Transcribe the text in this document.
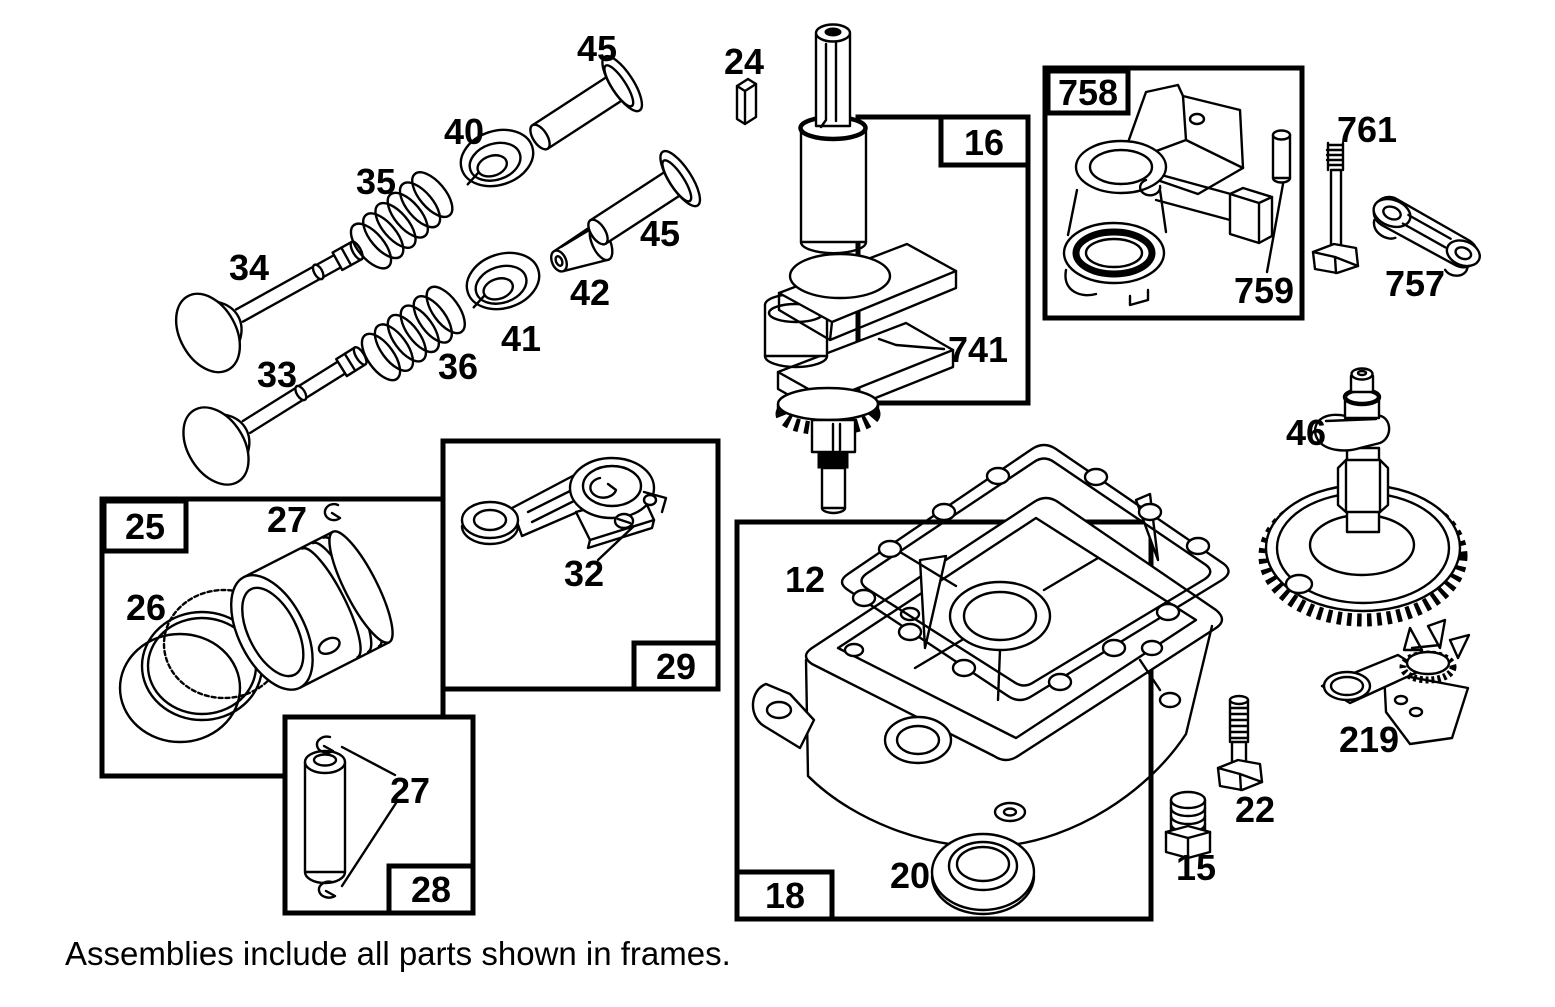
16
758
25
29
28	18
45
40
35
34
45
42
41
33	36
24
741
759
761
757
46
219
12
20
22
15
32
26
27
27
Assemblies include all parts shown in frames.
